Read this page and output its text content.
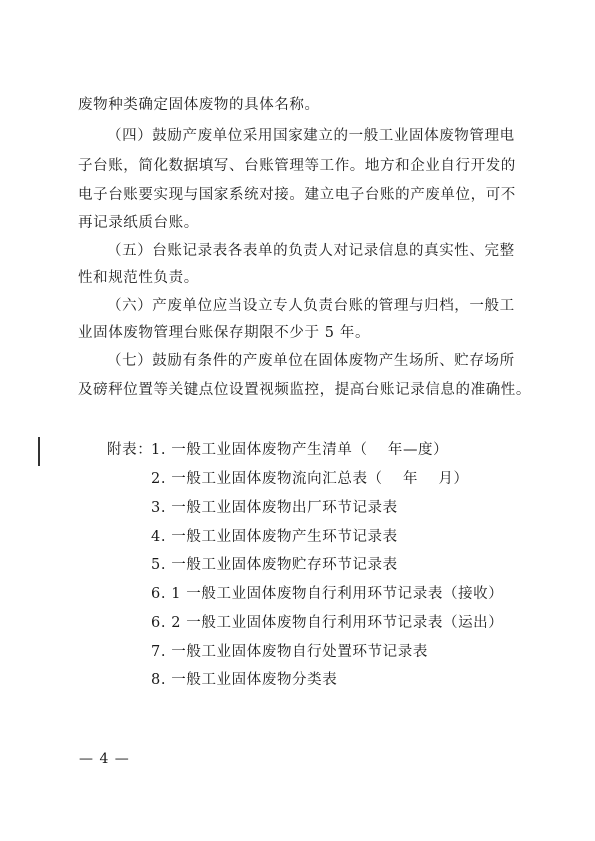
废物种类确定固体废物的具体名称。
（四）鼓励产废单位采用国家建立的一般工业固体废物管理电
子台账，简化数据填写、台账管理等工作。地方和企业自行开发的
电子台账要实现与国家系统对接。建立电子台账的产废单位，可不
再记录纸质台账。
（五）台账记录表各表单的负责人对记录信息的真实性、完整
性和规范性负责。
（六）产废单位应当设立专人负责台账的管理与归档，一般工
业固体废物管理台账保存期限不少于 5 年。
（七）鼓励有条件的产废单位在固体废物产生场所、贮存场所
及磅秤位置等关键点位设置视频监控，提高台账记录信息的准确性。
附表：
1. 一般工业固体废物产生清单（　 年—度）
2. 一般工业固体废物流向汇总表（　 年　 月）
3. 一般工业固体废物出厂环节记录表
4. 一般工业固体废物产生环节记录表
5. 一般工业固体废物贮存环节记录表
6. 1 一般工业固体废物自行利用环节记录表（接收）
6. 2 一般工业固体废物自行利用环节记录表（运出）
7. 一般工业固体废物自行处置环节记录表
8. 一般工业固体废物分类表
— 4 —
